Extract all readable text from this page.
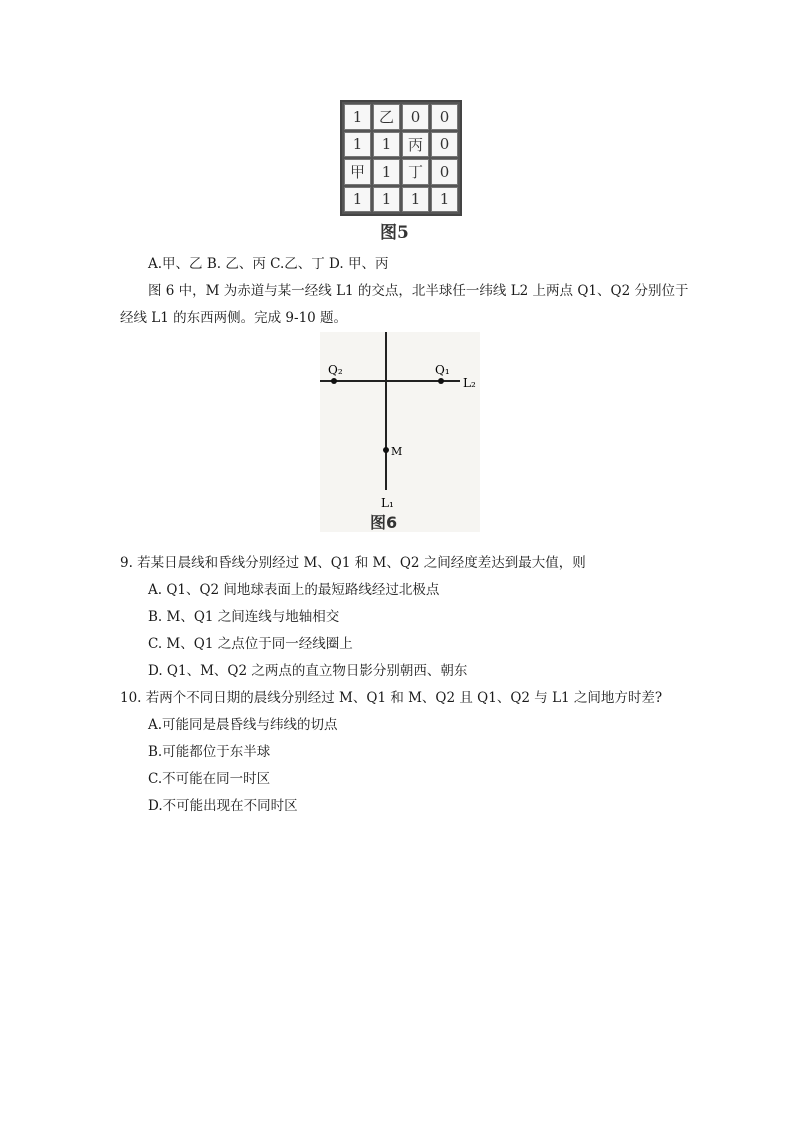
1	乙	0	0
1	1	丙	0
甲	1	丁	0
1	1	1	1
图5
A.甲、乙 B. 乙、丙 C.乙、丁 D. 甲、丙
图 6 中，M 为赤道与某一经线 L1 的交点，北半球任一纬线 L2 上两点 Q1、Q2 分别位于
经线 L1 的东西两侧。完成 9-10 题。
Q₂	Q₁
L₂
M
L₁
图6
9. 若某日晨线和昏线分别经过 M、Q1 和 M、Q2 之间经度差达到最大值，则
A. Q1、Q2 间地球表面上的最短路线经过北极点
B. M、Q1 之间连线与地轴相交
C. M、Q1 之点位于同一经线圈上
D. Q1、M、Q2 之两点的直立物日影分别朝西、朝东
10. 若两个不同日期的晨线分别经过 M、Q1 和 M、Q2 且 Q1、Q2 与 L1 之间地方时差?
A.可能同是晨昏线与纬线的切点
B.可能都位于东半球
C.不可能在同一时区
D.不可能出现在不同时区
